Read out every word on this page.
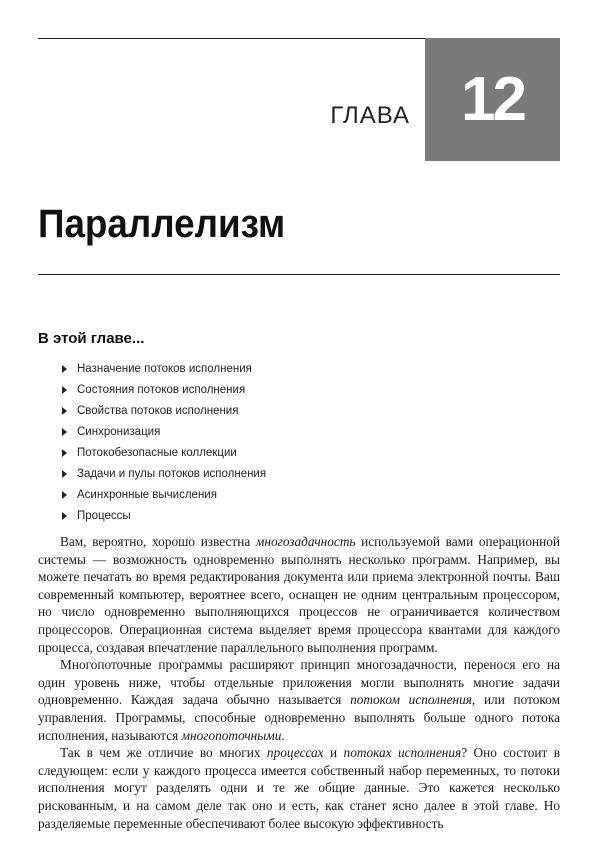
ГЛАВА 12
Параллелизм
В этой главе...
Назначение потоков исполнения
Состояния потоков исполнения
Свойства потоков исполнения
Синхронизация
Потокобезопасные коллекции
Задачи и пулы потоков исполнения
Асинхронные вычисления
Процессы

Вам, вероятно, хорошо известна многозадачность используемой вами операционной системы — возможность одновременно выполнять несколько программ. Например, вы можете печатать во время редактирования документа или приема электронной почты. Ваш современный компьютер, вероятнее всего, оснащен не одним центральным процессором, но число одновременно выполняющихся процессов не ограничивается количеством процессоров. Операционная система выделяет время процессора квантами для каждого процесса, создавая впечатление параллельного выполнения программ.

Многопоточные программы расширяют принцип многозадачности, перенося его на один уровень ниже, чтобы отдельные приложения могли выполнять многие задачи одновременно. Каждая задача обычно называется потоком исполнения, или потоком управления. Программы, способные одновременно выполнять больше одного потока исполнения, называются многопоточными.

Так в чем же отличие во многих процессах и потоках исполнения? Оно состоит в следующем: если у каждого процесса имеется собственный набор переменных, то потоки исполнения могут разделять одни и те же общие данные. Это кажется несколько рискованным, и на самом деле так оно и есть, как станет ясно далее в этой главе. Но разделяемые переменные обеспечивают более высокую эффективность
